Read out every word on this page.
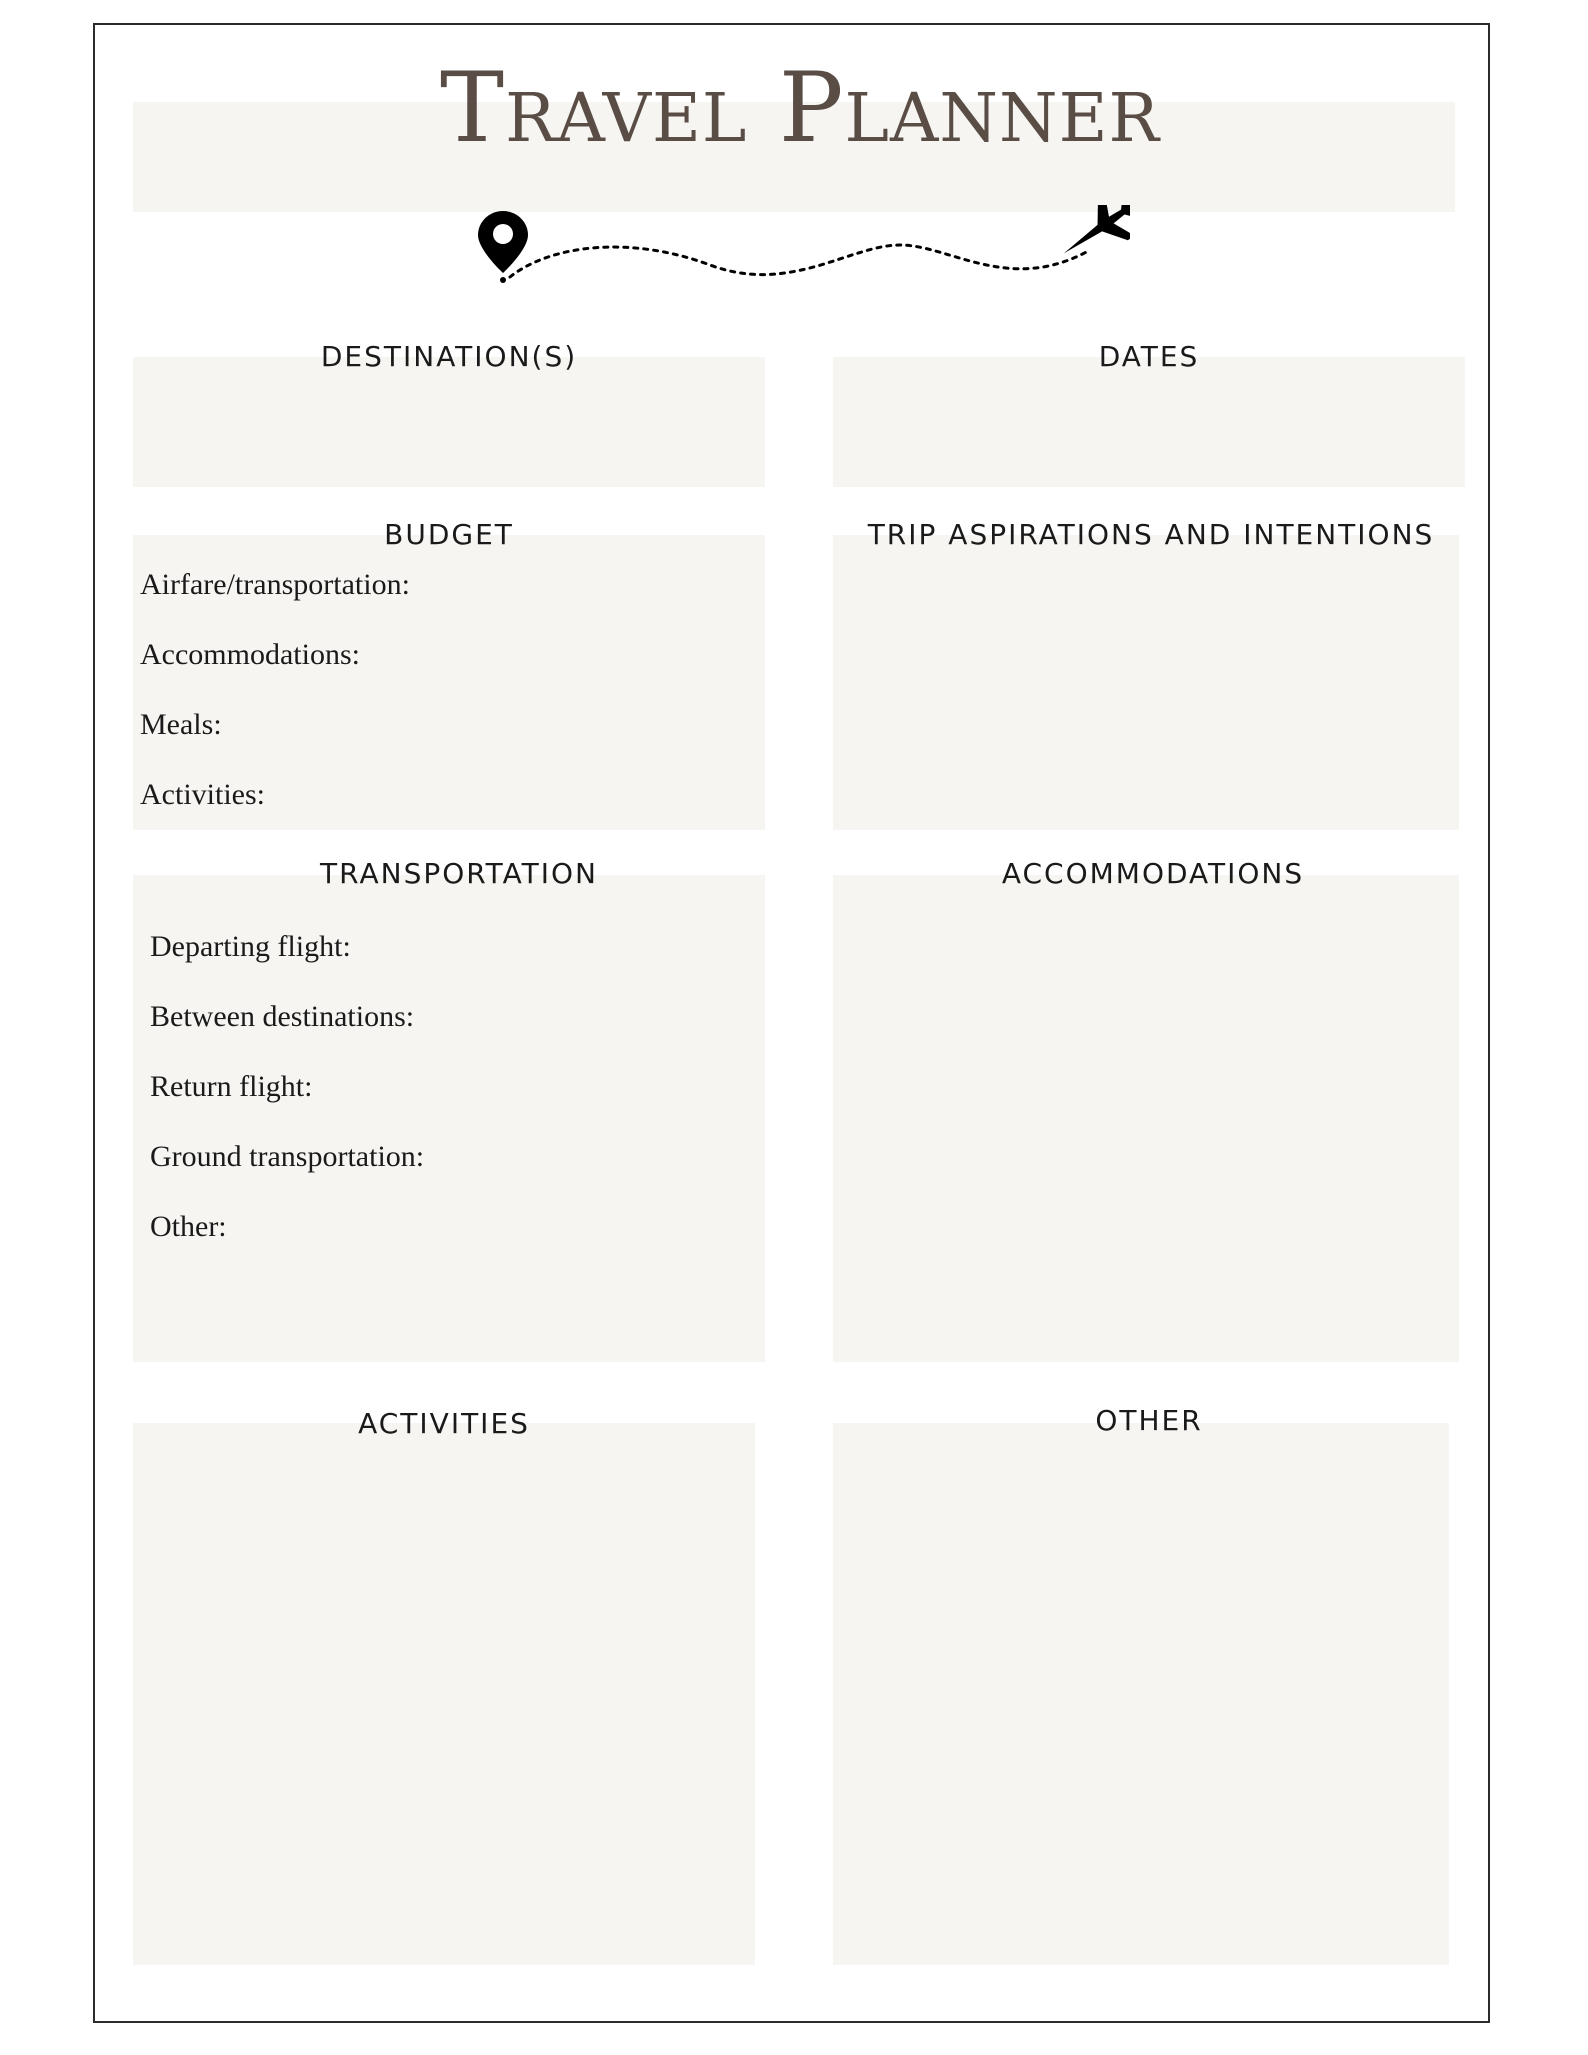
Travel Planner
DESTINATION(S)	DATES
BUDGET
Airfare/transportation:
Accommodations:
Meals:
Activities:
TRIP ASPIRATIONS AND INTENTIONS
TRANSPORTATION
Departing flight:
Between destinations:
Return flight:
Ground transportation:
Other:
ACCOMMODATIONS
ACTIVITIES	OTHER
